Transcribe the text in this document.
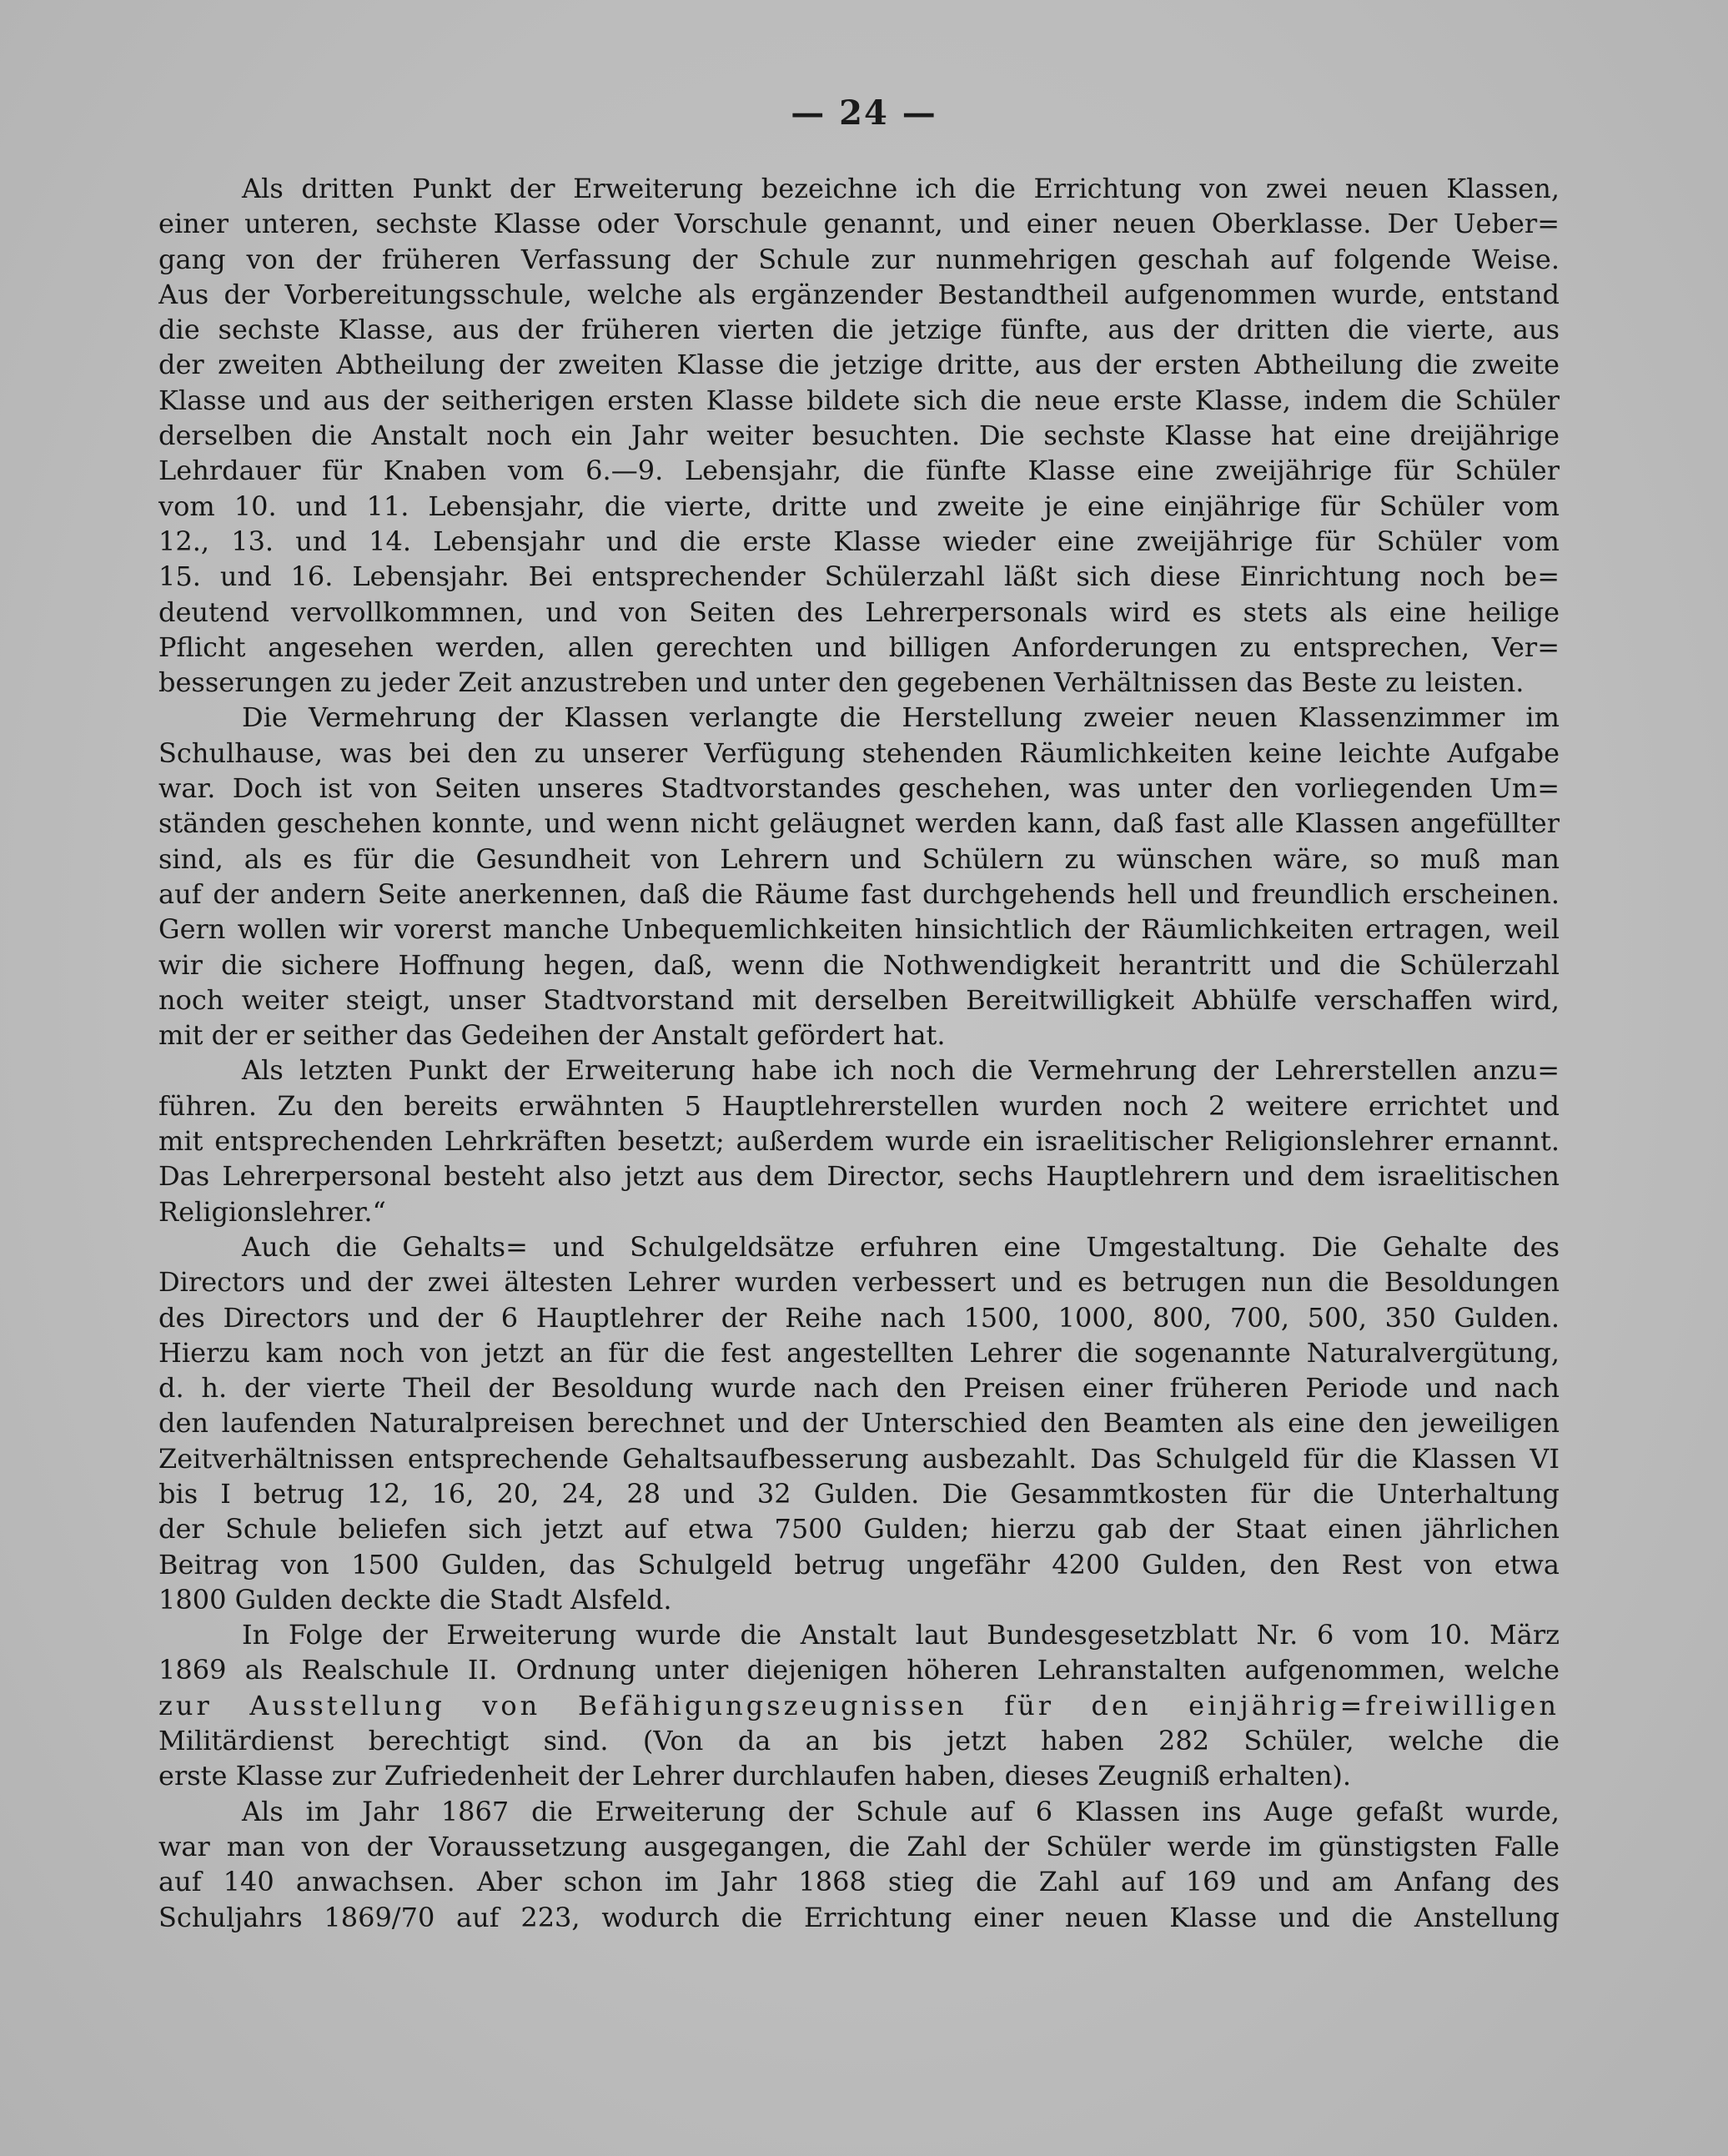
— 24 —
Als dritten Punkt der Erweiterung bezeichne ich die Errichtung von zwei neuen Klassen,
einer unteren, sechste Klasse oder Vorschule genannt, und einer neuen Oberklasse. Der Ueber=
gang von der früheren Verfassung der Schule zur nunmehrigen geschah auf folgende Weise.
Aus der Vorbereitungsschule, welche als ergänzender Bestandtheil aufgenommen wurde, entstand
die sechste Klasse, aus der früheren vierten die jetzige fünfte, aus der dritten die vierte, aus
der zweiten Abtheilung der zweiten Klasse die jetzige dritte, aus der ersten Abtheilung die zweite
Klasse und aus der seitherigen ersten Klasse bildete sich die neue erste Klasse, indem die Schüler
derselben die Anstalt noch ein Jahr weiter besuchten. Die sechste Klasse hat eine dreijährige
Lehrdauer für Knaben vom 6.—9. Lebensjahr, die fünfte Klasse eine zweijährige für Schüler
vom 10. und 11. Lebensjahr, die vierte, dritte und zweite je eine einjährige für Schüler vom
12., 13. und 14. Lebensjahr und die erste Klasse wieder eine zweijährige für Schüler vom
15. und 16. Lebensjahr. Bei entsprechender Schülerzahl läßt sich diese Einrichtung noch be=
deutend vervollkommnen, und von Seiten des Lehrerpersonals wird es stets als eine heilige
Pflicht angesehen werden, allen gerechten und billigen Anforderungen zu entsprechen, Ver=
besserungen zu jeder Zeit anzustreben und unter den gegebenen Verhältnissen das Beste zu leisten.
Die Vermehrung der Klassen verlangte die Herstellung zweier neuen Klassenzimmer im
Schulhause, was bei den zu unserer Verfügung stehenden Räumlichkeiten keine leichte Aufgabe
war. Doch ist von Seiten unseres Stadtvorstandes geschehen, was unter den vorliegenden Um=
ständen geschehen konnte, und wenn nicht geläugnet werden kann, daß fast alle Klassen angefüllter
sind, als es für die Gesundheit von Lehrern und Schülern zu wünschen wäre, so muß man
auf der andern Seite anerkennen, daß die Räume fast durchgehends hell und freundlich erscheinen.
Gern wollen wir vorerst manche Unbequemlichkeiten hinsichtlich der Räumlichkeiten ertragen, weil
wir die sichere Hoffnung hegen, daß, wenn die Nothwendigkeit herantritt und die Schülerzahl
noch weiter steigt, unser Stadtvorstand mit derselben Bereitwilligkeit Abhülfe verschaffen wird,
mit der er seither das Gedeihen der Anstalt gefördert hat.
Als letzten Punkt der Erweiterung habe ich noch die Vermehrung der Lehrerstellen anzu=
führen. Zu den bereits erwähnten 5 Hauptlehrerstellen wurden noch 2 weitere errichtet und
mit entsprechenden Lehrkräften besetzt; außerdem wurde ein israelitischer Religionslehrer ernannt.
Das Lehrerpersonal besteht also jetzt aus dem Director, sechs Hauptlehrern und dem israelitischen
Religionslehrer.“
Auch die Gehalts= und Schulgeldsätze erfuhren eine Umgestaltung. Die Gehalte des
Directors und der zwei ältesten Lehrer wurden verbessert und es betrugen nun die Besoldungen
des Directors und der 6 Hauptlehrer der Reihe nach 1500, 1000, 800, 700, 500, 350 Gulden.
Hierzu kam noch von jetzt an für die fest angestellten Lehrer die sogenannte Naturalvergütung,
d. h. der vierte Theil der Besoldung wurde nach den Preisen einer früheren Periode und nach
den laufenden Naturalpreisen berechnet und der Unterschied den Beamten als eine den jeweiligen
Zeitverhältnissen entsprechende Gehaltsaufbesserung ausbezahlt. Das Schulgeld für die Klassen VI
bis I betrug 12, 16, 20, 24, 28 und 32 Gulden. Die Gesammtkosten für die Unterhaltung
der Schule beliefen sich jetzt auf etwa 7500 Gulden; hierzu gab der Staat einen jährlichen
Beitrag von 1500 Gulden, das Schulgeld betrug ungefähr 4200 Gulden, den Rest von etwa
1800 Gulden deckte die Stadt Alsfeld.
In Folge der Erweiterung wurde die Anstalt laut Bundesgesetzblatt Nr. 6 vom 10. März
1869 als Realschule II. Ordnung unter diejenigen höheren Lehranstalten aufgenommen, welche
zur Ausstellung von Befähigungszeugnissen für den einjährig=freiwilligen
Militärdienst berechtigt sind. (Von da an bis jetzt haben 282 Schüler, welche die
erste Klasse zur Zufriedenheit der Lehrer durchlaufen haben, dieses Zeugniß erhalten).
Als im Jahr 1867 die Erweiterung der Schule auf 6 Klassen ins Auge gefaßt wurde,
war man von der Voraussetzung ausgegangen, die Zahl der Schüler werde im günstigsten Falle
auf 140 anwachsen. Aber schon im Jahr 1868 stieg die Zahl auf 169 und am Anfang des
Schuljahrs 1869/70 auf 223, wodurch die Errichtung einer neuen Klasse und die Anstellung
